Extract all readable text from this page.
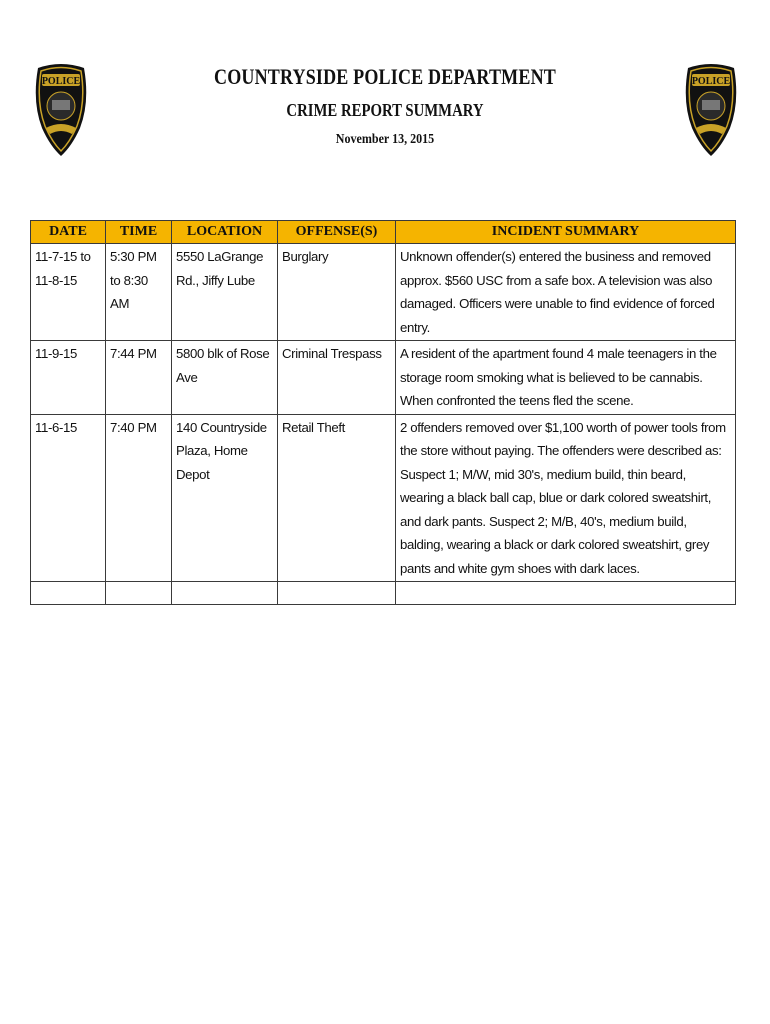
POLICE	POLICE
COUNTRYSIDE POLICE DEPARTMENT
CRIME REPORT SUMMARY
November 13, 2015
DATE	TIME	LOCATION	OFFENSE(S)	INCIDENT SUMMARY
11-7-15 to 11-8-15	5:30 PM to 8:30 AM	5550 LaGrange Rd., Jiffy Lube	Burglary	Unknown offender(s) entered the business and removed approx. $560 USC from a safe box. A television was also damaged. Officers were unable to find evidence of forced entry.
11-9-15	7:44 PM	5800 blk of Rose Ave	Criminal Trespass	A resident of the apartment found 4 male teenagers in the storage room smoking what is believed to be cannabis. When confronted the teens fled the scene.
11-6-15	7:40 PM	140 Countryside Plaza, Home Depot	Retail Theft	2 offenders removed over $1,100 worth of power tools from the store without paying. The offenders were described as: Suspect 1; M/W, mid 30's, medium build, thin beard, wearing a black ball cap, blue or dark colored sweatshirt, and dark pants. Suspect 2; M/B, 40's, medium build, balding, wearing a black or dark colored sweatshirt, grey pants and white gym shoes with dark laces.
